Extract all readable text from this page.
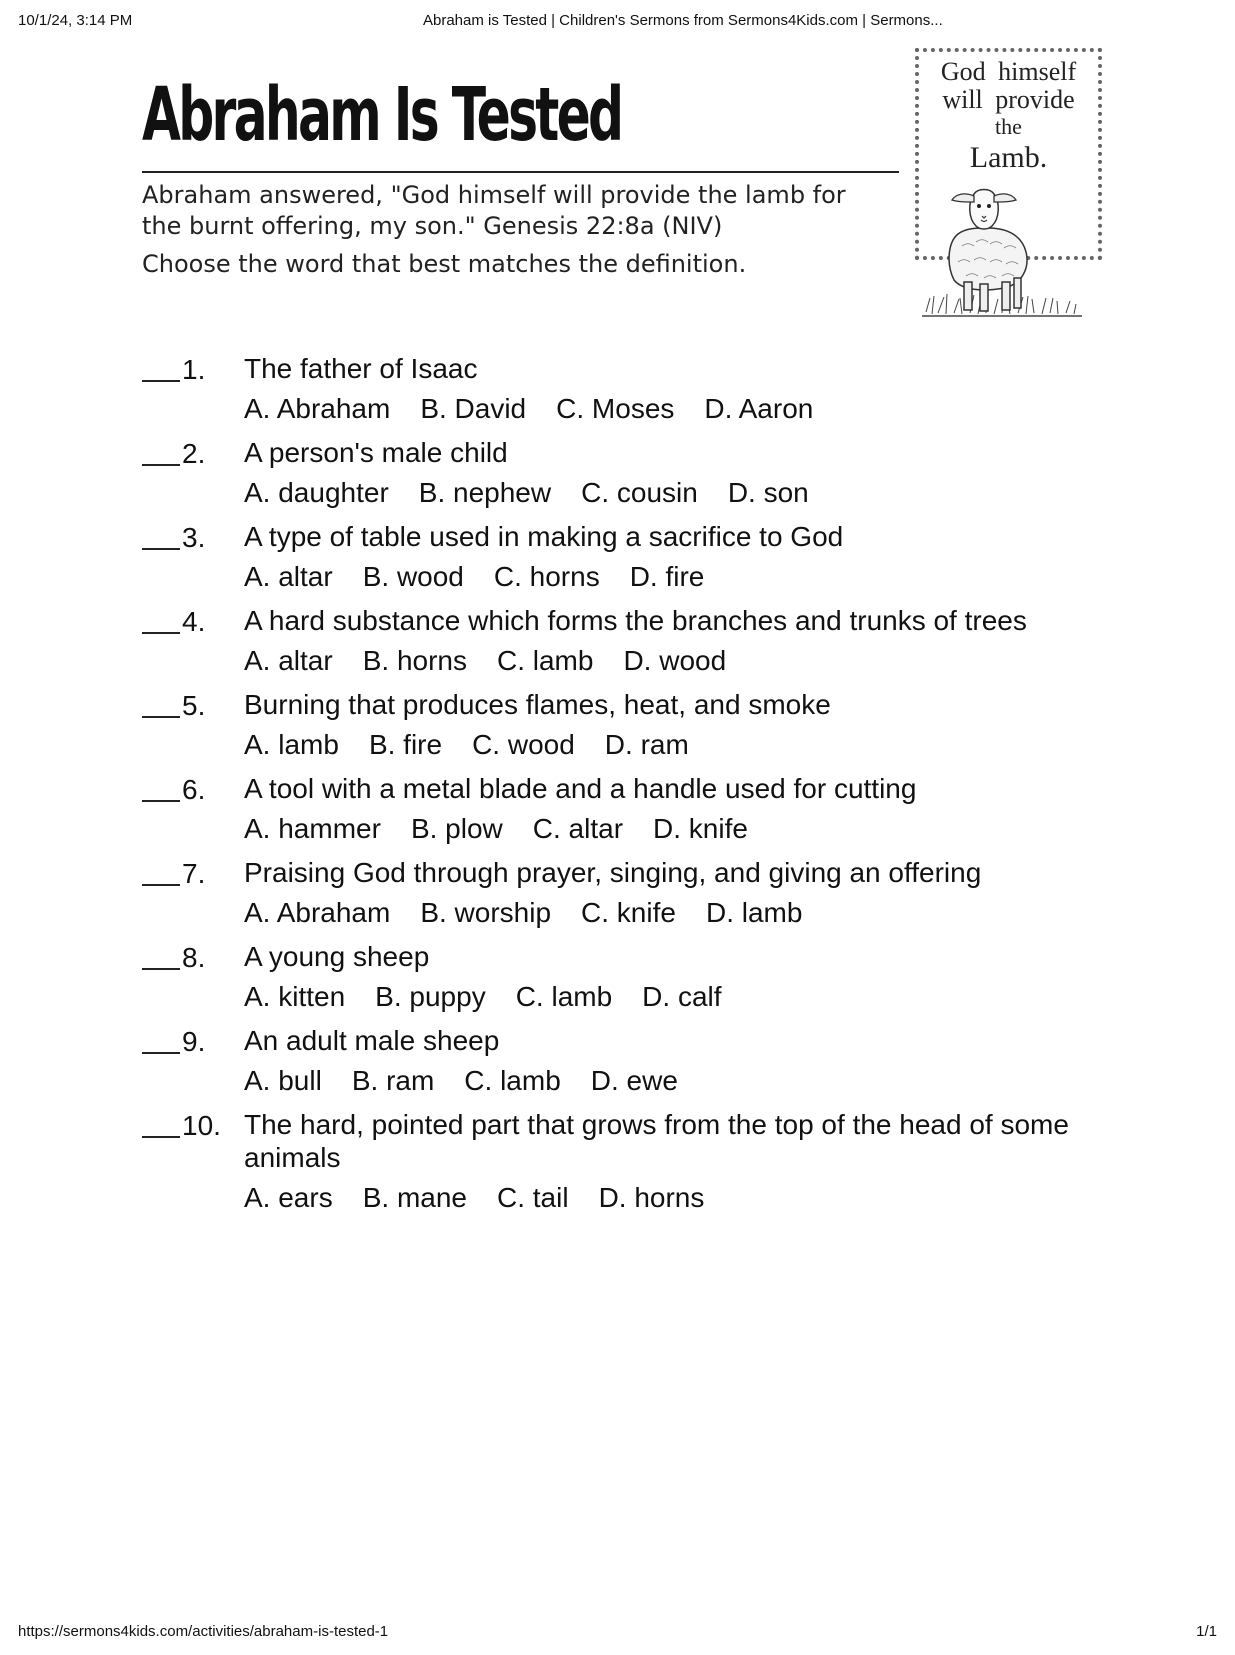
10/1/24, 3:14 PM	Abraham is Tested | Children's Sermons from Sermons4Kids.com | Sermons...
Abraham Is Tested
Abraham answered, "God himself will provide the lamb for
the burnt offering, my son." Genesis 22:8a (NIV)
Choose the word that best matches the definition.
God himself
will provide
the
Lamb.
1. The father of Isaac
A. Abraham B. David C. Moses D. Aaron
2. A person's male child
A. daughter B. nephew C. cousin D. son
3. A type of table used in making a sacrifice to God
A. altar B. wood C. horns D. fire
4. A hard substance which forms the branches and trunks of trees
A. altar B. horns C. lamb D. wood
5. Burning that produces flames, heat, and smoke
A. lamb B. fire C. wood D. ram
6. A tool with a metal blade and a handle used for cutting
A. hammer B. plow C. altar D. knife
7. Praising God through prayer, singing, and giving an offering
A. Abraham B. worship C. knife D. lamb
8. A young sheep
A. kitten B. puppy C. lamb D. calf
9. An adult male sheep
A. bull B. ram C. lamb D. ewe
10. The hard, pointed part that grows from the top of the head of some animals
A. ears B. mane C. tail D. horns
https://sermons4kids.com/activities/abraham-is-tested-1	1/1
